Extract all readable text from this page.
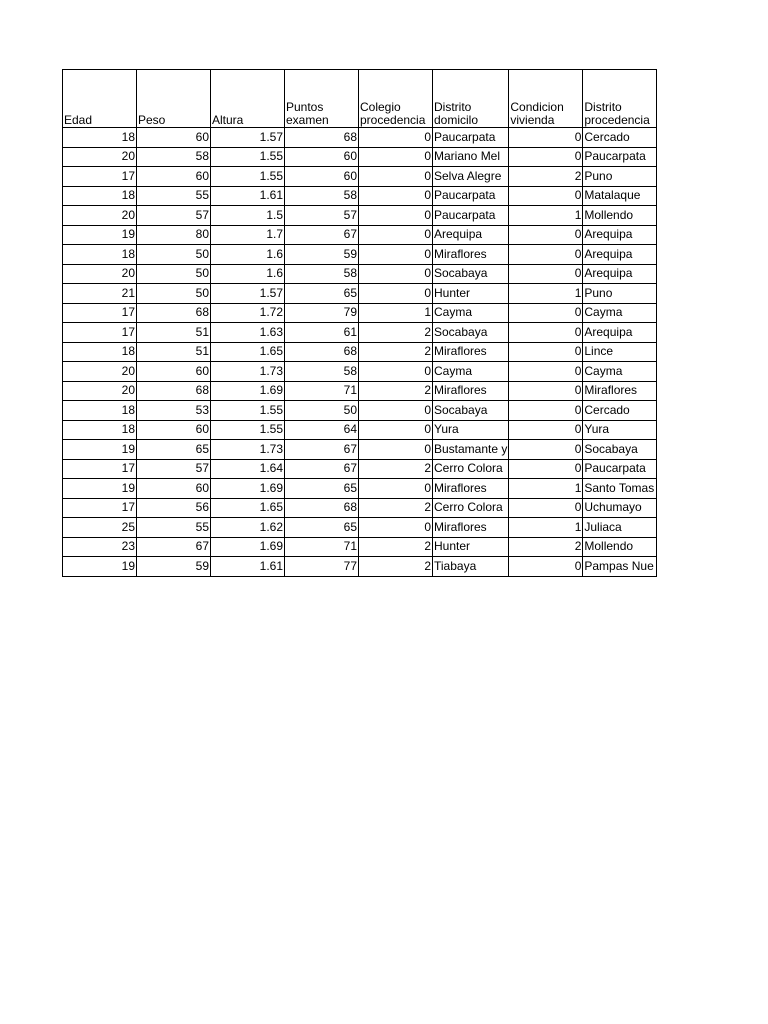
Edad	Peso	Altura	Puntos examen	Colegio procedencia	Distrito domicilo	Condicion vivienda	Distrito procedencia

18	60	1.57	68	0	Paucarpata	0	Cercado
20	58	1.55	60	0	Mariano Mel	0	Paucarpata
17	60	1.55	60	0	Selva Alegre	2	Puno
18	55	1.61	58	0	Paucarpata	0	Matalaque
20	57	1.5	57	0	Paucarpata	1	Mollendo
19	80	1.7	67	0	Arequipa	0	Arequipa
18	50	1.6	59	0	Miraflores	0	Arequipa
20	50	1.6	58	0	Socabaya	0	Arequipa
21	50	1.57	65	0	Hunter	1	Puno
17	68	1.72	79	1	Cayma	0	Cayma
17	51	1.63	61	2	Socabaya	0	Arequipa
18	51	1.65	68	2	Miraflores	0	Lince
20	60	1.73	58	0	Cayma	0	Cayma
20	68	1.69	71	2	Miraflores	0	Miraflores
18	53	1.55	50	0	Socabaya	0	Cercado
18	60	1.55	64	0	Yura	0	Yura
19	65	1.73	67	0	Bustamante y	0	Socabaya
17	57	1.64	67	2	Cerro Colora	0	Paucarpata
19	60	1.69	65	0	Miraflores	1	Santo Tomas
17	56	1.65	68	2	Cerro Colora	0	Uchumayo
25	55	1.62	65	0	Miraflores	1	Juliaca
23	67	1.69	71	2	Hunter	2	Mollendo
19	59	1.61	77	2	Tiabaya	0	Pampas Nue
